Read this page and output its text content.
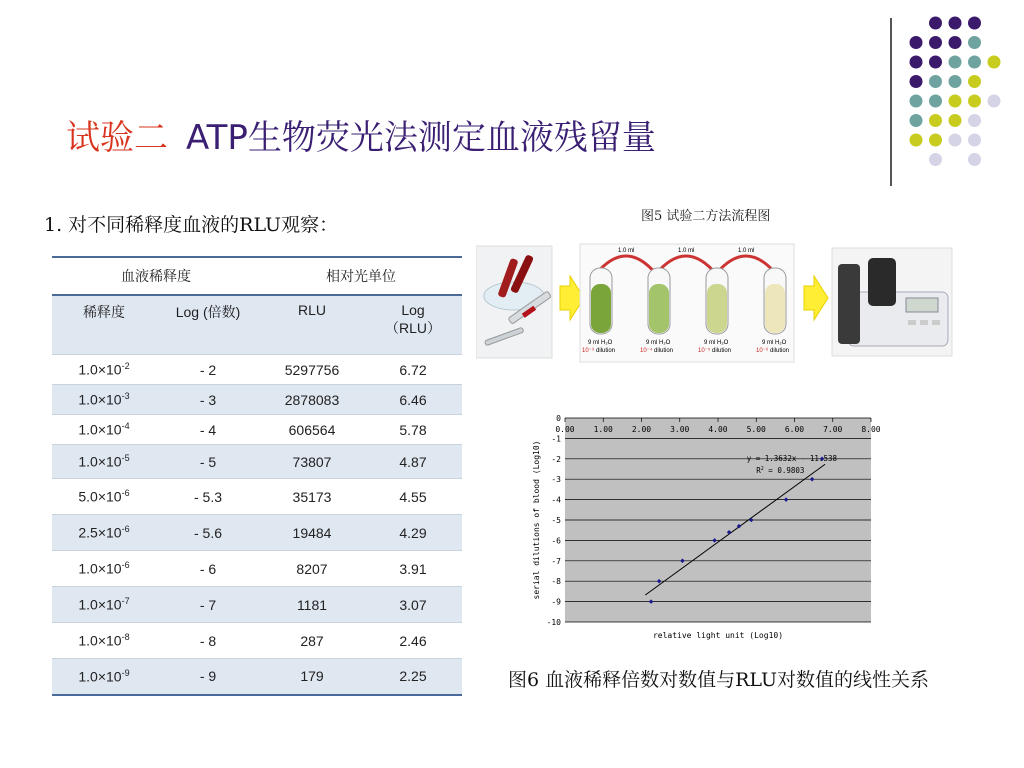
试验二 ATP生物荧光法测定血液残留量
1. 对不同稀释度血液的RLU观察：
血液稀释度		相对光单位	
稀释度	Log (倍数)	RLU	Log
（RLU）

$1.0\times 10^{-2}$	- 2	5297756	6.72
$1.0\times 10^{-3}$	- 3	2878083	6.46
$1.0\times 10^{-4}$	- 4	606564	5.78
$1.0\times 10^{-5}$	- 5	73807	4.87
$5.0\times 10^{-6}$	- 5.3	35173	4.55
$2.5\times 10^{-6}$	- 5.6	19484	4.29
$1.0\times 10^{-6}$	- 6	8207	3.91
$1.0\times 10^{-7}$	- 7	1181	3.07
$1.0\times 10^{-8}$	- 8	287	2.46
$1.0\times 10^{-9}$	- 9	179	2.25
图5 试验二方法流程图
1.0 ml	1.0 ml	1.0 ml
9 ml H₂O
10⁻³ dilution
9 ml H₂O
10⁻⁴ dilution
9 ml H₂O
10⁻⁵ dilution
9 ml H₂O
10⁻⁶ dilution
0
-1
-2
-3
-4
-5
-6
-7
-8
-9
-10
0.00 1.00 2.00 3.00 4.00 5.00 6.00 7.00 8.00
y = 1.3632x - 11.538
$R^2 = 0.9803$
relative light unit (Log10)
serial dilutions of blood (Log10)
图6 血液稀释倍数对数值与RLU对数值的线性关系
